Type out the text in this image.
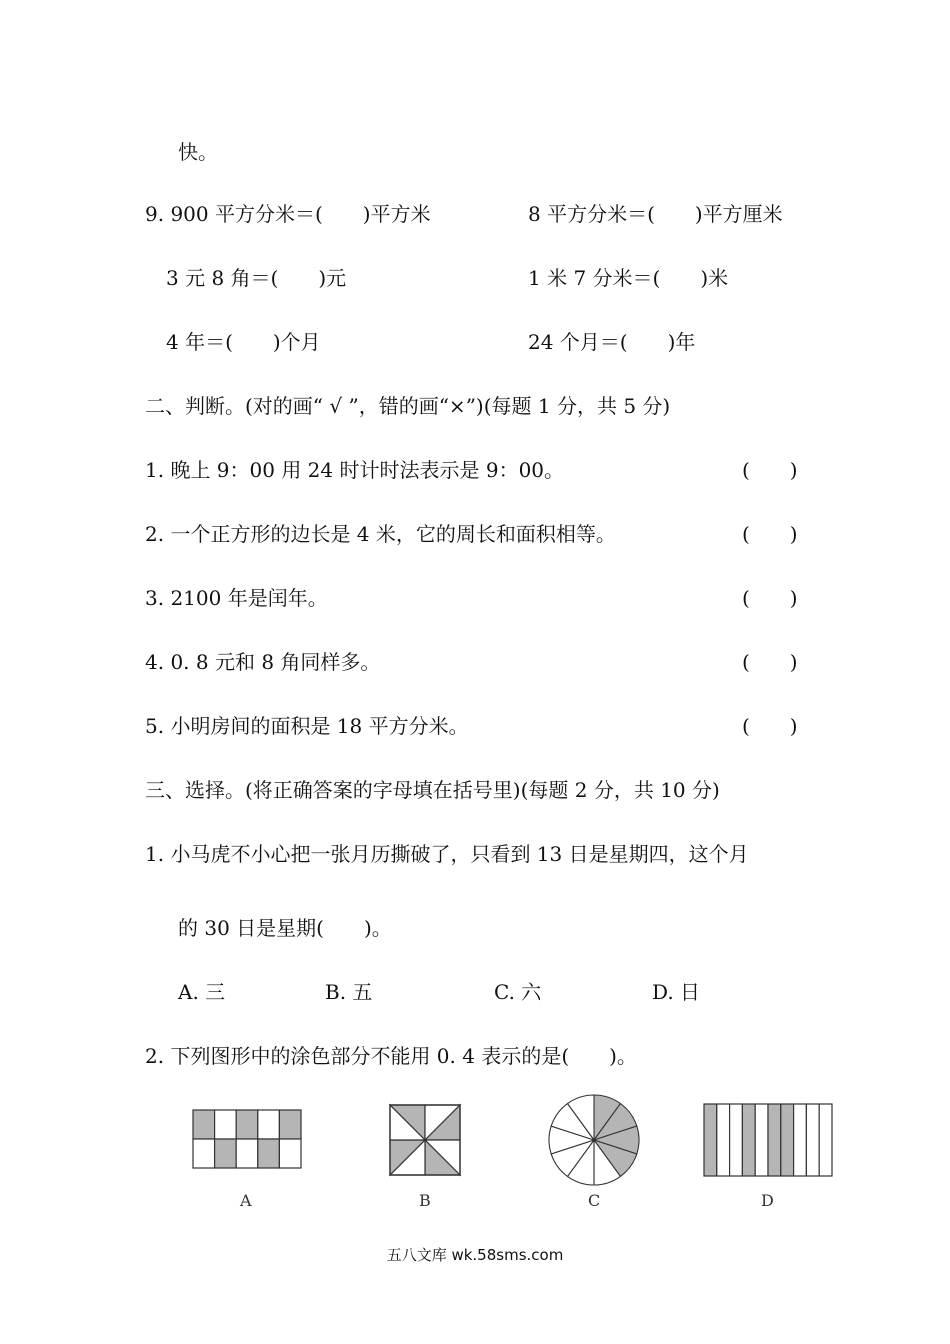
快。
9. 900 平方分米＝(　　)平方米	8 平方分米＝(　　)平方厘米
3 元 8 角＝(　　)元	1 米 7 分米＝(　　)米
4 年＝(　　)个月	24 个月＝(　　)年
二、判断。(对的画“ √ ”，错的画“×”)(每题 1 分，共 5 分)
1. 晚上 9：00 用 24 时计时法表示是 9：00。	(　　)
2. 一个正方形的边长是 4 米，它的周长和面积相等。	(　　)
3. 2100 年是闰年。	(　　)
4. 0. 8 元和 8 角同样多。	(　　)
5. 小明房间的面积是 18 平方分米。	(　　)
三、选择。(将正确答案的字母填在括号里)(每题 2 分，共 10 分)
1. 小马虎不小心把一张月历撕破了，只看到 13 日是星期四，这个月
的 30 日是星期(　　)。
A. 三	B. 五	C. 六	D. 日
2. 下列图形中的涂色部分不能用 0. 4 表示的是(　　)。
A	B	C	D
五八文库 wk.58sms.com
